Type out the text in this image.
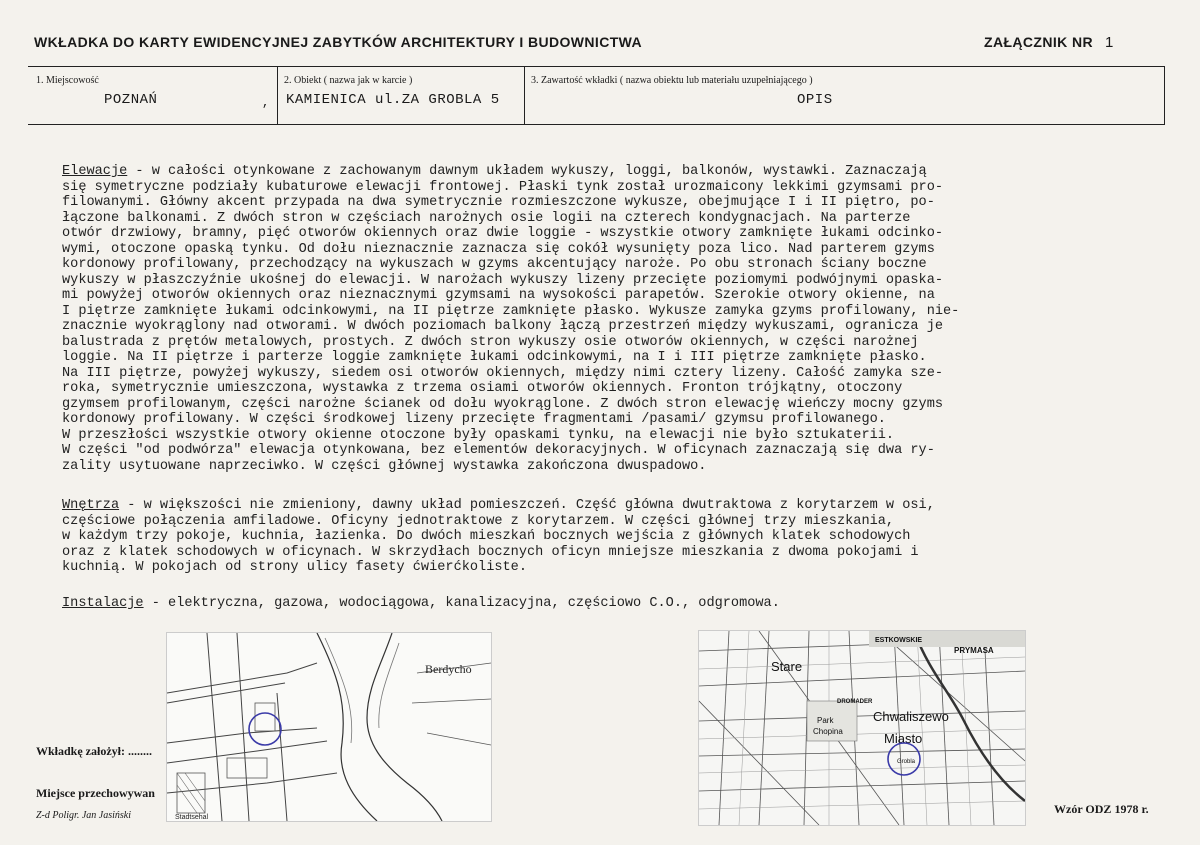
WKŁADKA DO KARTY EWIDENCYJNEJ ZABYTKÓW ARCHITEKTURY I BUDOWNICTWA	ZAŁĄCZNIK NR 1
1. Miejscowość
POZNAŃ	,
2. Obiekt ( nazwa jak w karcie )
KAMIENICA ul.ZA GROBLA 5
3. Zawartość wkładki ( nazwa obiektu lub materiału uzupełniającego )
OPIS
Elewacje - w całości otynkowane z zachowanym dawnym układem wykuszy, loggi, balkonów, wystawki. Zaznaczają
się symetryczne podziały kubaturowe elewacji frontowej. Płaski tynk został urozmaicony lekkimi gzymsami pro-
filowanymi. Główny akcent przypada na dwa symetrycznie rozmieszczone wykusze, obejmujące I i II piętro, po-
łączone balkonami. Z dwóch stron w częściach narożnych osie logii na czterech kondygnacjach. Na parterze
otwór drzwiowy, bramny, pięć otworów okiennych oraz dwie loggie - wszystkie otwory zamknięte łukami odcinko-
wymi, otoczone opaską tynku. Od dołu nieznacznie zaznacza się cokół wysunięty poza lico. Nad parterem gzyms
kordonowy profilowany, przechodzący na wykuszach w gzyms akcentujący naroże. Po obu stronach ściany boczne
wykuszy w płaszczyźnie ukośnej do elewacji. W narożach wykuszy lizeny przecięte poziomymi podwójnymi opaska-
mi powyżej otworów okiennych oraz nieznacznymi gzymsami na wysokości parapetów. Szerokie otwory okienne, na
I piętrze zamknięte łukami odcinkowymi, na II piętrze zamknięte płasko. Wykusze zamyka gzyms profilowany, nie-
znacznie wyokrąglony nad otworami. W dwóch poziomach balkony łączą przestrzeń między wykuszami, ogranicza je
balustrada z prętów metalowych, prostych. Z dwóch stron wykuszy osie otworów okiennych, w części narożnej
loggie. Na II piętrze i parterze loggie zamknięte łukami odcinkowymi, na I i III piętrze zamknięte płasko.
Na III piętrze, powyżej wykuszy, siedem osi otworów okiennych, między nimi cztery lizeny. Całość zamyka sze-
roka, symetrycznie umieszczona, wystawka z trzema osiami otworów okiennych. Fronton trójkątny, otoczony
gzymsem profilowanym, części narożne ścianek od dołu wyokrąglone. Z dwóch stron elewację wieńczy mocny gzyms
kordonowy profilowany. W części środkowej lizeny przecięte fragmentami /pasami/ gzymsu profilowanego.
W przeszłości wszystkie otwory okienne otoczone były opaskami tynku, na elewacji nie było sztukaterii.
W części "od podwórza" elewacja otynkowana, bez elementów dekoracyjnych. W oficynach zaznaczają się dwa ry-
zality usytuowane naprzeciwko. W części głównej wystawka zakończona dwuspadowo.
Wnętrza - w większości nie zmieniony, dawny układ pomieszczeń. Część główna dwutraktowa z korytarzem w osi,
częściowe połączenia amfiladowe. Oficyny jednotraktowe z korytarzem. W części głównej trzy mieszkania,
w każdym trzy pokoje, kuchnia, łazienka. Do dwóch mieszkań bocznych wejścia z głównych klatek schodowych
oraz z klatek schodowych w oficynach. W skrzydłach bocznych oficyn mniejsze mieszkania z dwoma pokojami i
kuchnią. W pokojach od strony ulicy fasety ćwierćkoliste.
Instalacje - elektryczna, gazowa, wodociągowa, kanalizacyjna, częściowo C.O., odgromowa.
Berdycho
Stadtsehal
ESTKOWSKIE
PRYMASA
Stare
Chwaliszewo
Miasto
DROMADER
Park
Chopina
Grobla
Wkładkę założył: ........
Miejsce przechowywan
Z-d Poligr. Jan Jasiński	Wzór ODZ 1978 r.
